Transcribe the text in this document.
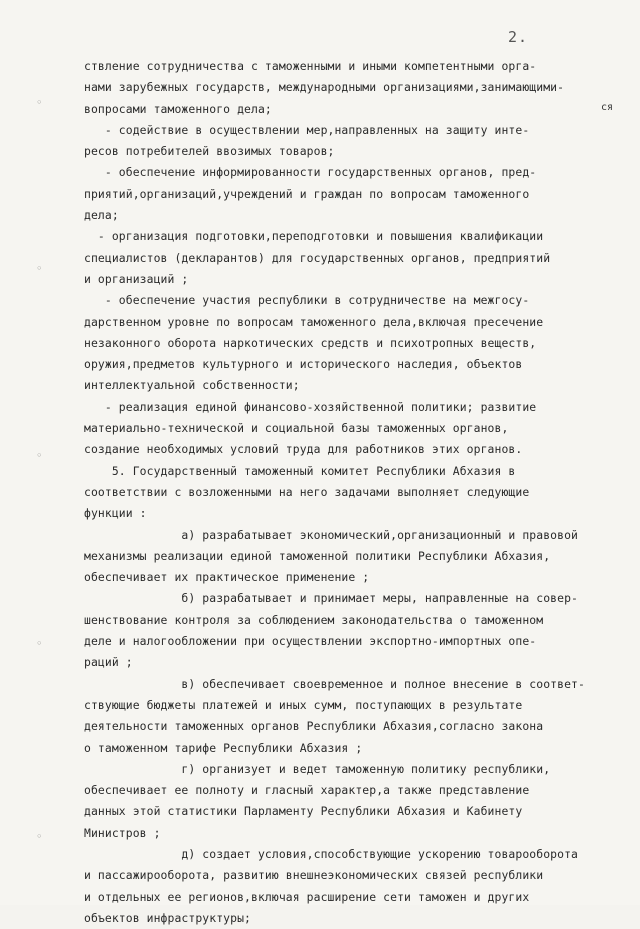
2.
ся
◦
◦
◦
◦
◦
ствление сотрудничества с таможенными и иными компетентными орга-
нами зарубежных государств, международными организациями,занимающими-
вопросами таможенного дела;
- содействие в осуществлении мер,направленных на защиту инте-
ресов потребителей ввозимых товаров;
- обеспечение информированности государственных органов, пред-
приятий,организаций,учреждений и граждан по вопросам таможенного
дела;
- организация подготовки,переподготовки и повышения квалификации
специалистов (декларантов) для государственных органов, предприятий
и организаций ;
- обеспечение участия республики в сотрудничестве на межгосу-
дарственном уровне по вопросам таможенного дела,включая пресечение
незаконного оборота наркотических средств и психотропных веществ,
оружия,предметов культурного и исторического наследия, объектов
интеллектуальной собственности;
- реализация единой финансово-хозяйственной политики; развитие
материально-технической и социальной базы таможенных органов,
создание необходимых условий труда для работников этих органов.
5. Государственный таможенный комитет Республики Абхазия в
соответствии с возложенными на него задачами выполняет следующие
функции :
а) разрабатывает экономический,организационный и правовой
механизмы реализации единой таможенной политики Республики Абхазия,
обеспечивает их практическое применение ;
б) разрабатывает и принимает меры, направленные на совер-
шенствование контроля за соблюдением законодательства о таможенном
деле и налогообложении при осуществлении экспортно-импортных опе-
раций ;
в) обеспечивает своевременное и полное внесение в соответ-
ствующие бюджеты платежей и иных сумм, поступающих в результате
деятельности таможенных органов Республики Абхазия,согласно закона
о таможенном тарифе Республики Абхазия ;
г) организует и ведет таможенную политику республики,
обеспечивает ее полноту и гласный характер,а также представление
данных этой статистики Парламенту Республики Абхазия и Кабинету
Министров ;
д) создает условия,способствующие ускорению товарооборота
и пассажирооборота, развитию внешнеэкономических связей республики
и отдельных ее регионов,включая расширение сети таможен и других
объектов инфраструктуры;
